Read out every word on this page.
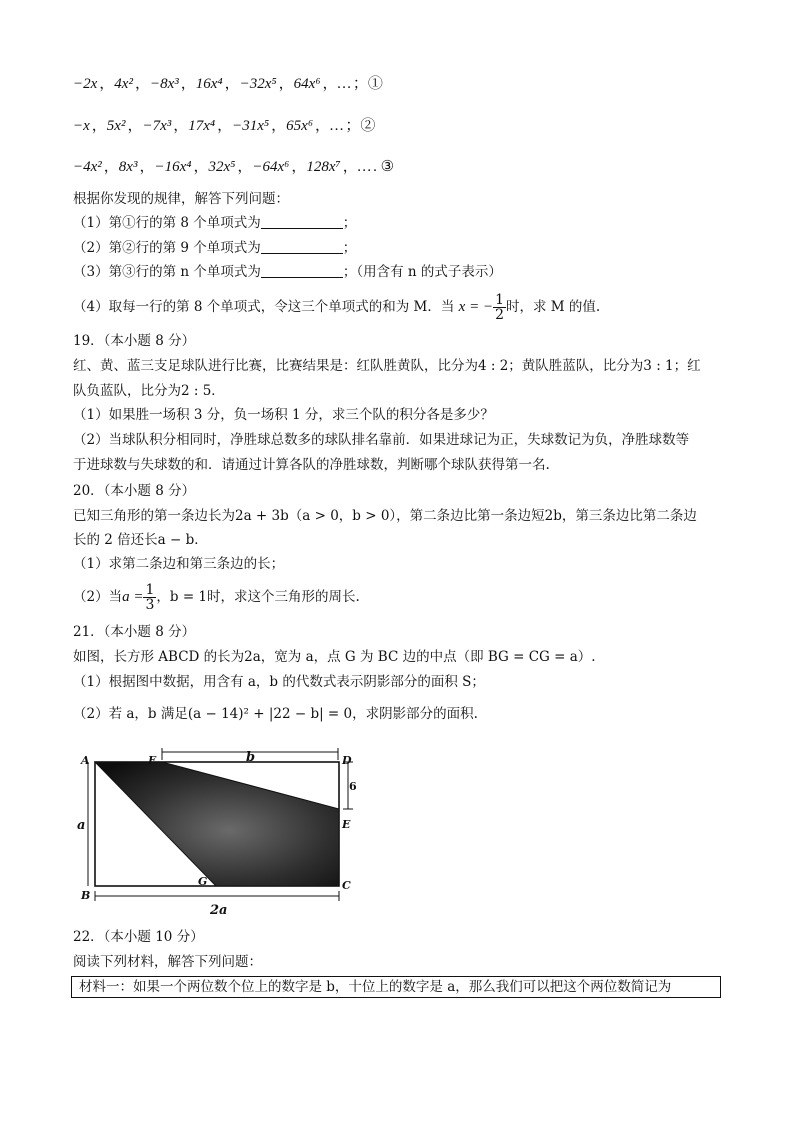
−2x ，4x² ，−8x³ ，16x⁴ ，−32x⁵ ，64x⁶ ，… ；①
−x ，5x² ，−7x³ ，17x⁴ ，−31x⁵ ，65x⁶ ，… ；②
−4x² ，8x³ ，−16x⁴ ，32x⁵ ，−64x⁶ ，128x⁷ ，… . ③
根据你发现的规律，解答下列问题：
（1）第①行的第 8 个单项式为	；
（2）第②行的第 9 个单项式为	；
（3）第③行的第 n 个单项式为	；（用含有 n 的式子表示）
（4）取每一行的第 8 个单项式，令这三个单项式的和为 M．当 x = − $\frac{1}{2}$ 时，求 M 的值.
19．（本小题 8 分）
红、黄、蓝三支足球队进行比赛，比赛结果是：红队胜黄队，比分为4 : 2；黄队胜蓝队，比分为3 : 1；红
队负蓝队，比分为2 : 5．
（1）如果胜一场积 3 分，负一场积 1 分，求三个队的积分各是多少？
（2）当球队积分相同时，净胜球总数多的球队排名靠前．如果进球记为正，失球数记为负，净胜球数等
于进球数与失球数的和．请通过计算各队的净胜球数，判断哪个球队获得第一名.
20．（本小题 8 分）
已知三角形的第一条边长为2a + 3b（a > 0，b > 0），第二条边比第一条边短2b，第三条边比第二条边
长的 2 倍还长a − b．
（1）求第二条边和第三条边的长；
（2）当$a = \frac{1}{3}$ ，b = 1时，求这个三角形的周长.
21．（本小题 8 分）
如图，长方形 ABCD 的长为2a，宽为 a，点 G 为 BC 边的中点（即 BG = CG = a）.
（1）根据图中数据，用含有 a，b 的代数式表示阴影部分的面积 S；
（2）若 a，b 满足(a − 14)² + |22 − b| = 0，求阴影部分的面积.
A	F	D
E
C
B
G
b
6
a
2a
22．（本小题 10 分）
阅读下列材料，解答下列问题：
材料一：如果一个两位数个位上的数字是 b，十位上的数字是 a，那么我们可以把这个两位数简记为
